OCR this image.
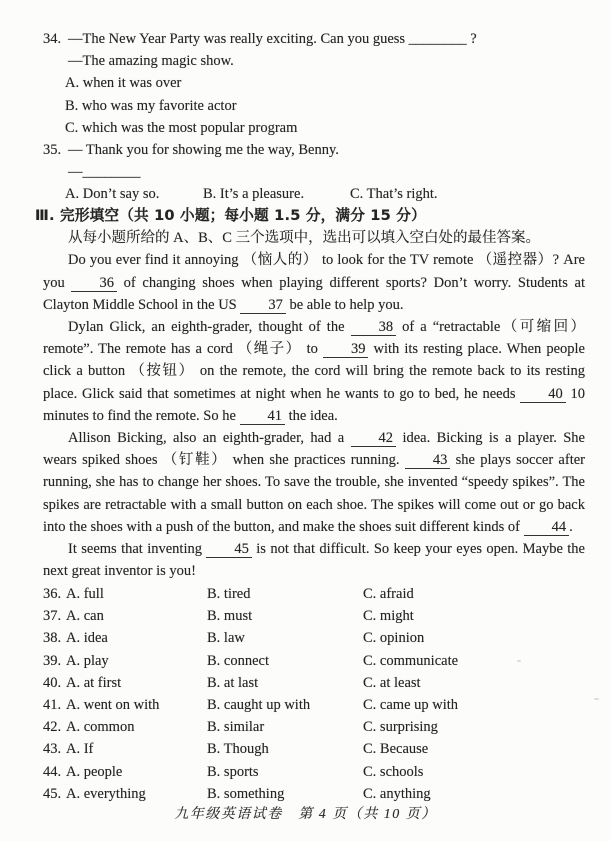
34. —The New Year Party was really exciting. Can you guess ________ ?
—The amazing magic show.
A. when it was over
B. who was my favorite actor
C. which was the most popular program
35. — Thank you for showing me the way, Benny.
—________
A. Don’t say so.	B. It’s a pleasure.	C. That’s right.
Ⅲ. 完形填空（共 10 小题；每小题 1.5 分，满分 15 分）
从每小题所给的 A、B、C 三个选项中，选出可以填入空白处的最佳答案。
Do you ever find it annoying （恼人的） to look for the TV remote （遥控器）? Are you 36 of changing shoes when playing different sports? Don’t worry. Students at Clayton Middle School in the US 37 be able to help you.
Dylan Glick, an eighth-grader, thought of the 38 of a “retractable（可缩回） remote”. The remote has a cord （绳子） to 39 with its resting place. When people click a button （按钮） on the remote, the cord will bring the remote back to its resting place. Glick said that sometimes at night when he wants to go to bed, he needs 40 10 minutes to find the remote. So he 41 the idea.
Allison Bicking, also an eighth-grader, had a 42 idea. Bicking is a player. She wears spiked shoes （钉鞋） when she practices running. 43 she plays soccer after running, she has to change her shoes. To save the trouble, she invented “speedy spikes”. The spikes are retractable with a small button on each shoe. The spikes will come out or go back into the shoes with a push of the button, and make the shoes suit different kinds of 44 .
It seems that inventing 45 is not that difficult. So keep your eyes open. Maybe the next great inventor is you!
36. A. full	B. tired	C. afraid
37. A. can	B. must	C. might
38. A. idea	B. law	C. opinion
39. A. play	B. connect	C. communicate
40. A. at first	B. at last	C. at least
41. A. went on with	B. caught up with	C. came up with
42. A. common	B. similar	C. surprising
43. A. If	B. Though	C. Because
44. A. people	B. sports	C. schools
45. A. everything	B. something	C. anything
九年级英语试卷　第 4 页（共 10 页）
